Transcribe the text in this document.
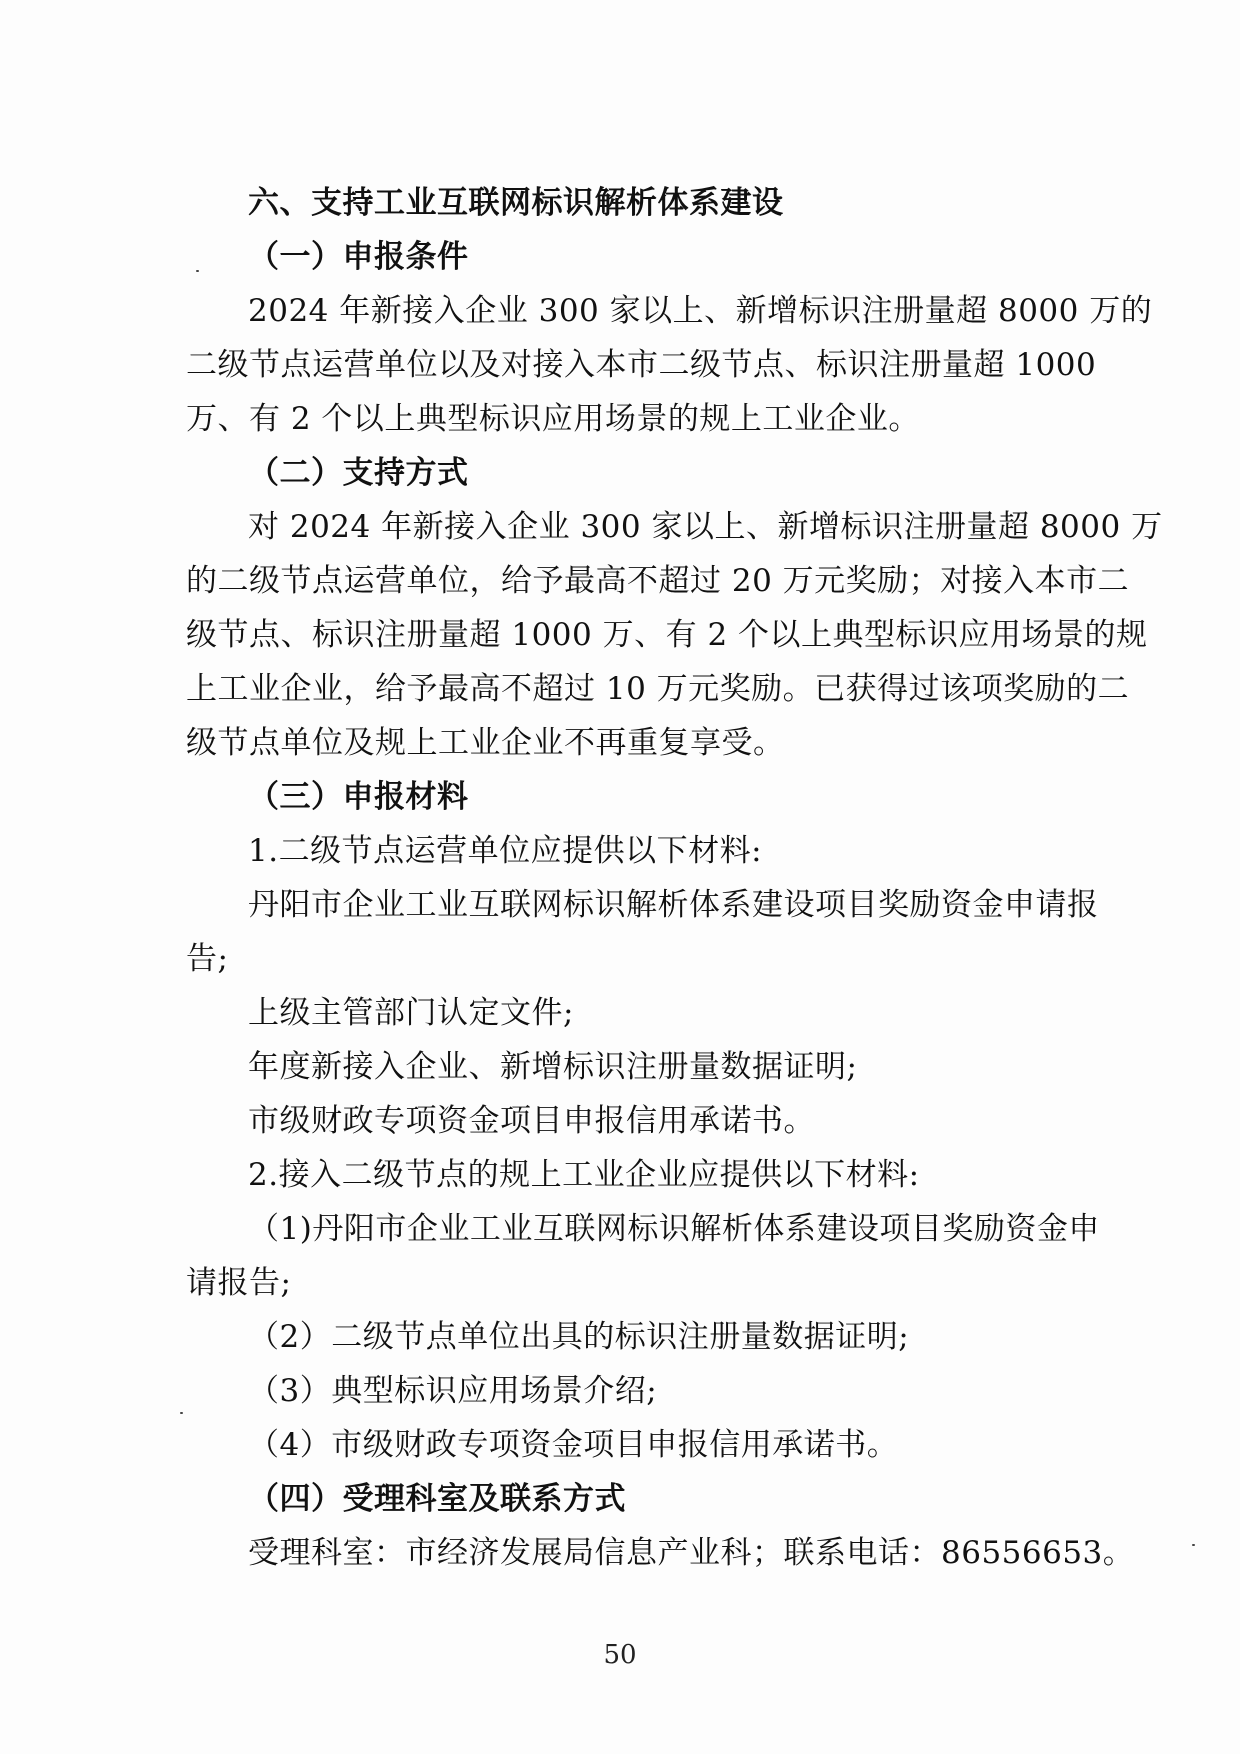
六、支持工业互联网标识解析体系建设

（一）申报条件

2024 年新接入企业 300 家以上、新增标识注册量超 8000 万的

二级节点运营单位以及对接入本市二级节点、标识注册量超 1000

万、有 2 个以上典型标识应用场景的规上工业企业。

（二）支持方式

对 2024 年新接入企业 300 家以上、新增标识注册量超 8000 万

的二级节点运营单位，给予最高不超过 20 万元奖励；对接入本市二

级节点、标识注册量超 1000 万、有 2 个以上典型标识应用场景的规

上工业企业，给予最高不超过 10 万元奖励。已获得过该项奖励的二

级节点单位及规上工业企业不再重复享受。

（三）申报材料

1.二级节点运营单位应提供以下材料:

丹阳市企业工业互联网标识解析体系建设项目奖励资金申请报

告;

上级主管部门认定文件;

年度新接入企业、新增标识注册量数据证明;

市级财政专项资金项目申报信用承诺书。

2.接入二级节点的规上工业企业应提供以下材料:

（1)丹阳市企业工业互联网标识解析体系建设项目奖励资金申

请报告;

（2）二级节点单位出具的标识注册量数据证明;

（3）典型标识应用场景介绍;

（4）市级财政专项资金项目申报信用承诺书。

（四）受理科室及联系方式

受理科室：市经济发展局信息产业科；联系电话：86556653。

50
